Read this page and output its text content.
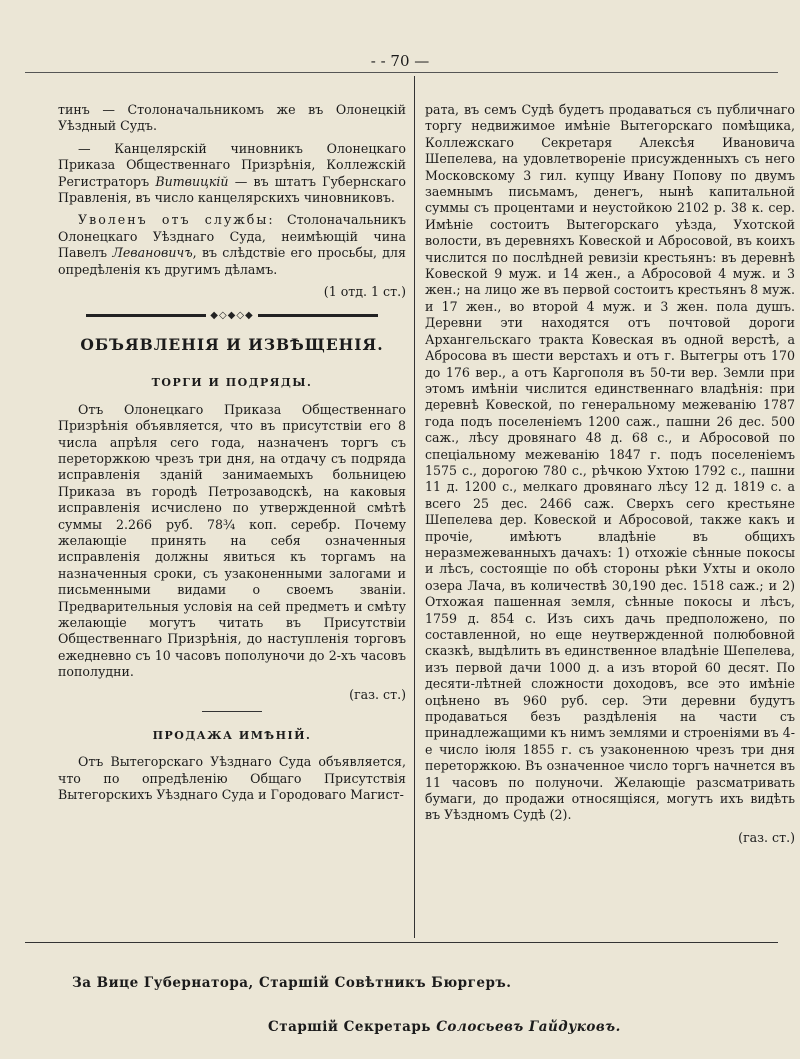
- - 70 —

тинъ — Столоначальникомъ же въ Олонецкій Уѣздный Судъ.

— Канцелярскій чиновникъ Олонецкаго Приказа Общественнаго Призрѣнія, Коллежскій Регистраторъ Витвицкій — въ штатъ Губернскаго Правленія, въ число канцелярскихъ чиновниковъ.

Уволенъ отъ службы: Столоначальникъ Олонецкаго Уѣзднаго Суда, неимѣющій чина Павелъ Левановичъ, въ слѣдствіе его просьбы, для опредѣленія къ другимъ дѣламъ.

(1 отд. 1 ст.)

◆◇◆◇◆
ОБЪЯВЛЕНІЯ И ИЗВѢЩЕНІЯ.
ТОРГИ И ПОДРЯДЫ.

Отъ Олонецкаго Приказа Общественнаго Призрѣнія объявляется, что въ присутствіи его 8 числа апрѣля сего года, назначенъ торгъ съ переторжкою чрезъ три дня, на отдачу съ подряда исправленія зданій занимаемыхъ больницею Приказа въ городѣ Петрозаводскѣ, на каковыя исправленія исчислено по утвержденной смѣтѣ суммы 2.266 руб. 78¾ коп. серебр. Почему желающіе принять на себя означенныя исправленія должны явиться къ торгамъ на назначенныя сроки, съ узаконенными залогами и письменными видами о своемъ званіи. Предварительныя условія на сей предметъ и смѣту желающіе могутъ читать въ Присутствіи Общественнаго Призрѣнія, до наступленія торговъ ежедневно съ 10 часовъ пополуночи до 2-хъ часовъ пополудни.

(газ. ст.)

ПРОДАЖА ИМѢНІЙ.

Отъ Вытегорскаго Уѣзднаго Суда объявляется, что по опредѣленію Общаго Присутствія Вытегорскихъ Уѣзднаго Суда и Городоваго Магист-

рата, въ семъ Судѣ будетъ продаваться съ публичнаго торгу недвижимое имѣніе Вытегорскаго помѣщика, Коллежскаго Секретаря Алексѣя Ивановича Шепелева, на удовлетвореніе присужденныхъ съ него Московскому 3 гил. купцу Ивану Попову по двумъ заемнымъ письмамъ, денегъ, нынѣ капитальной суммы съ процентами и неустойкою 2102 р. 38 к. сер. Имѣніе состоитъ Вытегорскаго уѣзда, Ухотской волости, въ деревняхъ Ковеской и Абросовой, въ коихъ числится по послѣдней ревизіи крестьянъ: въ деревнѣ Ковеской 9 муж. и 14 жен., а Абросовой 4 муж. и 3 жен.; на лицо же въ первой состоитъ крестьянъ 8 муж. и 17 жен., во второй 4 муж. и 3 жен. пола душъ. Деревни эти находятся отъ почтовой дороги Архангельскаго тракта Ковеская въ одной верстѣ, а Абросова въ шести верстахъ и отъ г. Вытегры отъ 170 до 176 вер., а отъ Каргополя въ 50-ти вер. Земли при этомъ имѣніи числится единственнаго владѣнія: при деревнѣ Ковеской, по генеральному межеванію 1787 года подъ поселеніемъ 1200 саж., пашни 26 дес. 500 саж., лѣсу дровянаго 48 д. 68 с., и Абросовой по спеціальному межеванію 1847 г. подъ поселеніемъ 1575 с., дорогою 780 с., рѣчкою Ухтою 1792 с., пашни 11 д. 1200 с., мелкаго дровянаго лѣсу 12 д. 1819 с. а всего 25 дес. 2466 саж. Сверхъ сего крестьяне Шепелева дер. Ковеской и Абросовой, также какъ и прочіе, имѣютъ владѣніе въ общихъ неразмежеванныхъ дачахъ: 1) отхожіе сѣнные покосы и лѣсъ, состоящіе по обѣ стороны рѣки Ухты и около озера Лача, въ количествѣ 30,190 дес. 1518 саж.; и 2) Отхожая пашенная земля, сѣнные покосы и лѣсъ, 1759 д. 854 с. Изъ сихъ дачь предположено, по составленной, но еще неутвержденной полюбовной сказкѣ, выдѣлить въ единственное владѣніе Шепелева, изъ первой дачи 1000 д. а изъ второй 60 десят. По десяти-лѣтней сложности доходовъ, все это имѣніе оцѣнено въ 960 руб. сер. Эти деревни будутъ продаваться безъ раздѣленія на части съ принадлежащими къ нимъ землями и строеніями въ 4-е число іюля 1855 г. съ узаконенною чрезъ три дня переторжкою. Въ означенное число торгъ начнется въ 11 часовъ по полуночи. Желающіе разсматривать бумаги, до продажи относящіяся, могутъ ихъ видѣть въ Уѣздномъ Судѣ (2).

(газ. ст.)

За Вице Губернатора, Старшій Совѣтникъ Бюргеръ.
Старшій Секретарь Солосьевъ Гайдуковъ.
